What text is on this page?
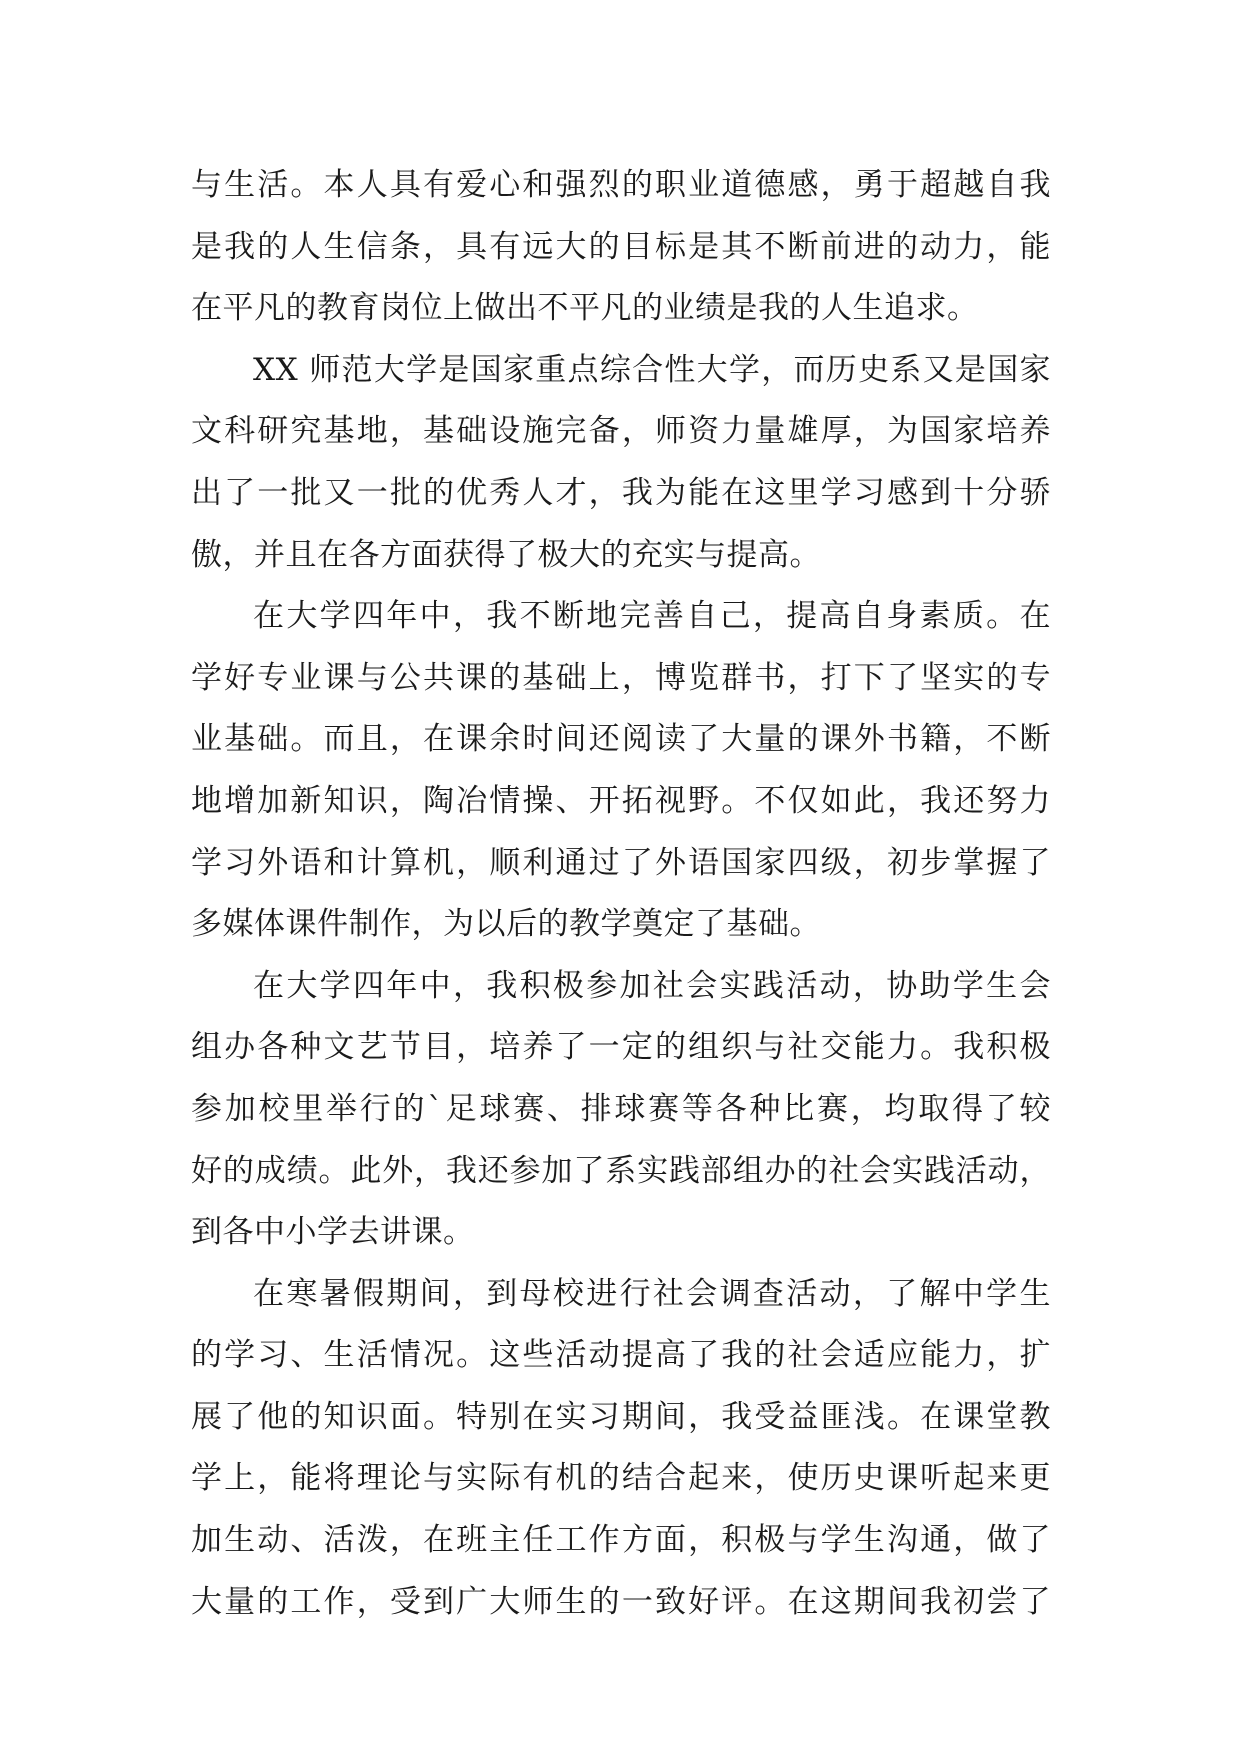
与生活。本人具有爱心和强烈的职业道德感，勇于超越自我
是我的人生信条，具有远大的目标是其不断前进的动力，能
在平凡的教育岗位上做出不平凡的业绩是我的人生追求。
XX 师范大学是国家重点综合性大学，而历史系又是国家
文科研究基地，基础设施完备，师资力量雄厚，为国家培养
出了一批又一批的优秀人才，我为能在这里学习感到十分骄
傲，并且在各方面获得了极大的充实与提高。
在大学四年中，我不断地完善自己，提高自身素质。在
学好专业课与公共课的基础上，博览群书，打下了坚实的专
业基础。而且，在课余时间还阅读了大量的课外书籍，不断
地增加新知识，陶冶情操、开拓视野。不仅如此，我还努力
学习外语和计算机，顺利通过了外语国家四级，初步掌握了
多媒体课件制作，为以后的教学奠定了基础。
在大学四年中，我积极参加社会实践活动，协助学生会
组办各种文艺节目，培养了一定的组织与社交能力。我积极
参加校里举行的`足球赛、排球赛等各种比赛，均取得了较
好的成绩。此外，我还参加了系实践部组办的社会实践活动，
到各中小学去讲课。
在寒暑假期间，到母校进行社会调查活动，了解中学生
的学习、生活情况。这些活动提高了我的社会适应能力，扩
展了他的知识面。特别在实习期间，我受益匪浅。在课堂教
学上，能将理论与实际有机的结合起来，使历史课听起来更
加生动、活泼，在班主任工作方面，积极与学生沟通，做了
大量的工作，受到广大师生的一致好评。在这期间我初尝了
